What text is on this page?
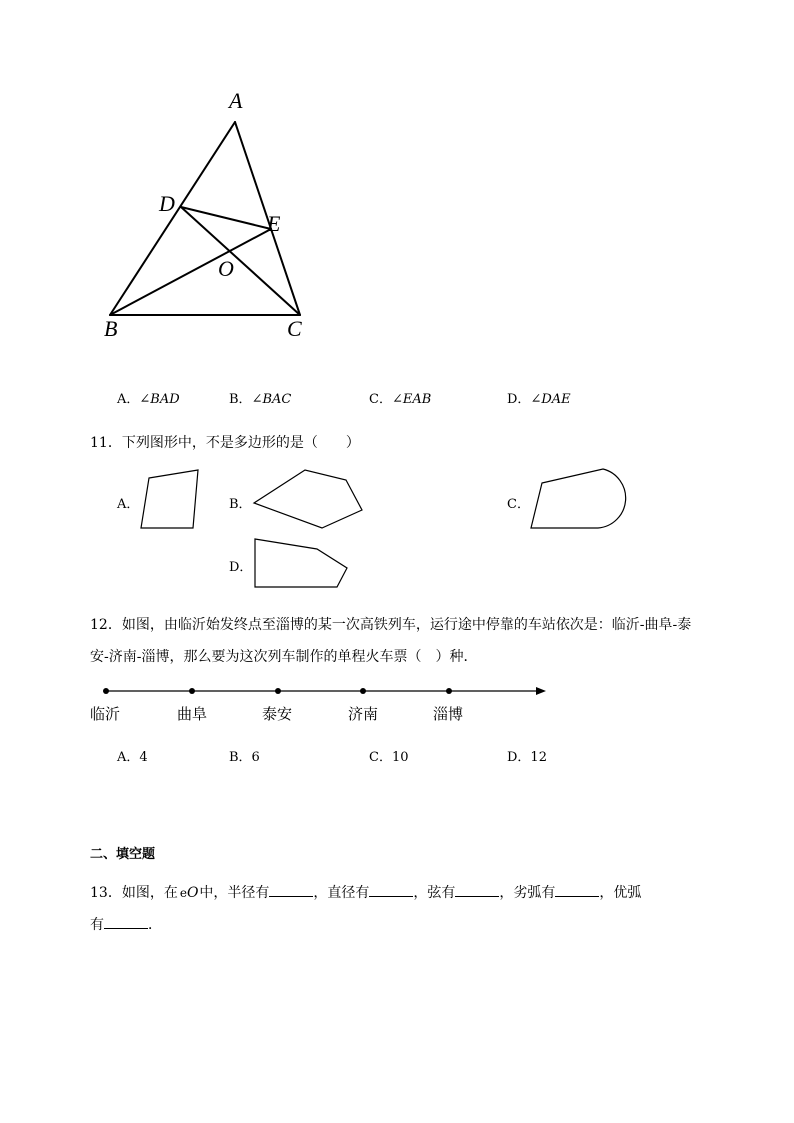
A
D
E
O
B	C
A．∠BAD	B．∠BAC	C．∠EAB	D．∠DAE
11．下列图形中，不是多边形的是（　　）
A．	B．	C．
D．
12．如图，由临沂始发终点至淄博的某一次高铁列车，运行途中停靠的车站依次是：临沂-曲阜-泰
安-济南-淄博，那么要为这次列车制作的单程火车票（　）种．
临沂	曲阜	泰安	济南	淄博
A．4	B．6	C．10	D．12
二、填空题
13．如图，在 eO中，半径有	，直径有	，弦有	，劣弧有	，优弧
有	．
